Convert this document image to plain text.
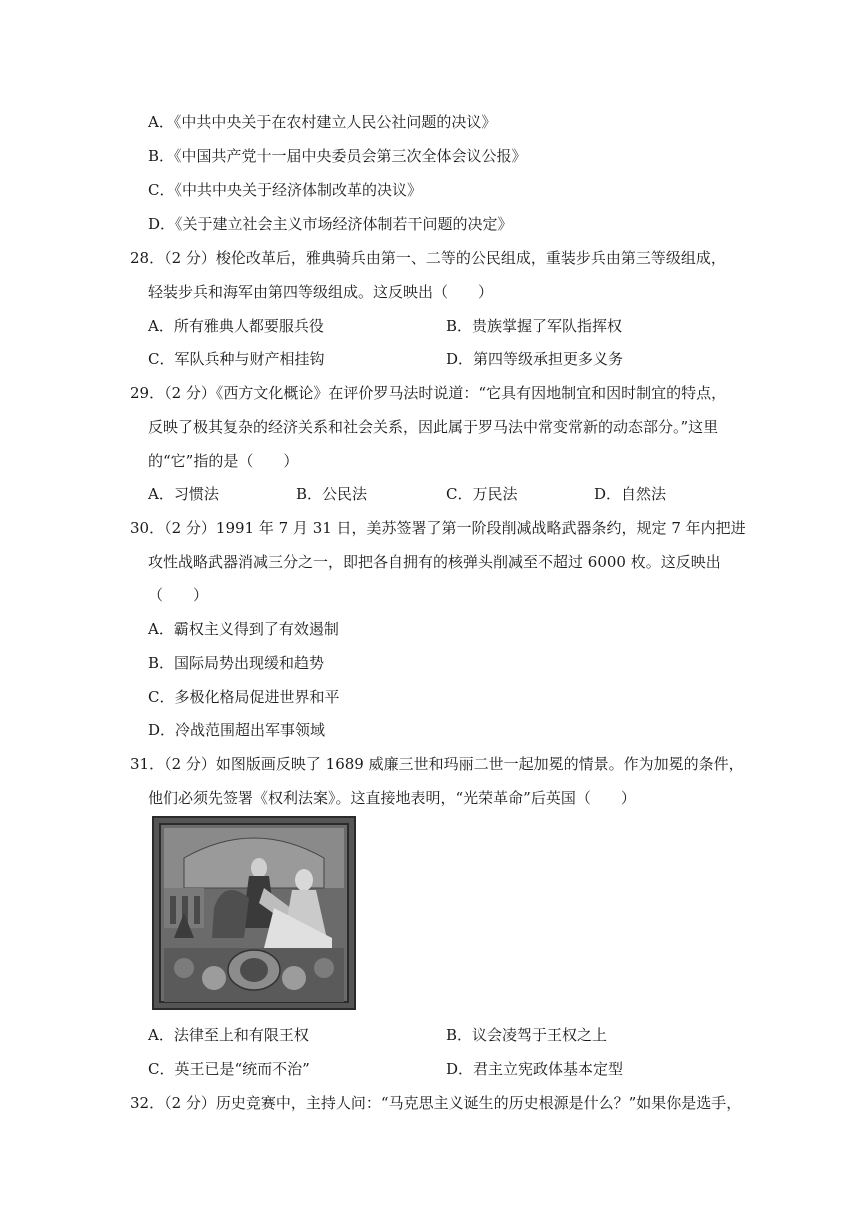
A．《中共中央关于在农村建立人民公社问题的决议》
B．《中国共产党十一届中央委员会第三次全体会议公报》
C．《中共中央关于经济体制改革的决议》
D．《关于建立社会主义市场经济体制若干问题的决定》
28．（2 分）梭伦改革后，雅典骑兵由第一、二等的公民组成，重装步兵由第三等级组成，
轻装步兵和海军由第四等级组成。这反映出（　　）
A．所有雅典人都要服兵役	B．贵族掌握了军队指挥权
C．军队兵种与财产相挂钩	D．第四等级承担更多义务
29．（2 分）《西方文化概论》在评价罗马法时说道：“它具有因地制宜和因时制宜的特点，
反映了极其复杂的经济关系和社会关系，因此属于罗马法中常变常新的动态部分。”这里
的“它”指的是（　　）
A．习惯法	B．公民法	C．万民法	D．自然法
30．（2 分）1991 年 7 月 31 日，美苏签署了第一阶段削减战略武器条约，规定 7 年内把进
攻性战略武器消减三分之一，即把各自拥有的核弹头削减至不超过 6000 枚。这反映出
（　　）
A．霸权主义得到了有效遏制
B．国际局势出现缓和趋势
C．多极化格局促进世界和平
D．冷战范围超出军事领域
31．（2 分）如图版画反映了 1689 威廉三世和玛丽二世一起加冕的情景。作为加冕的条件，
他们必须先签署《权利法案》。这直接地表明，“光荣革命”后英国（　　）
A．法律至上和有限王权	B．议会凌驾于王权之上
C．英王已是“统而不治”	D．君主立宪政体基本定型
32．（2 分）历史竞赛中，主持人问：“马克思主义诞生的历史根源是什么？”如果你是选手，
